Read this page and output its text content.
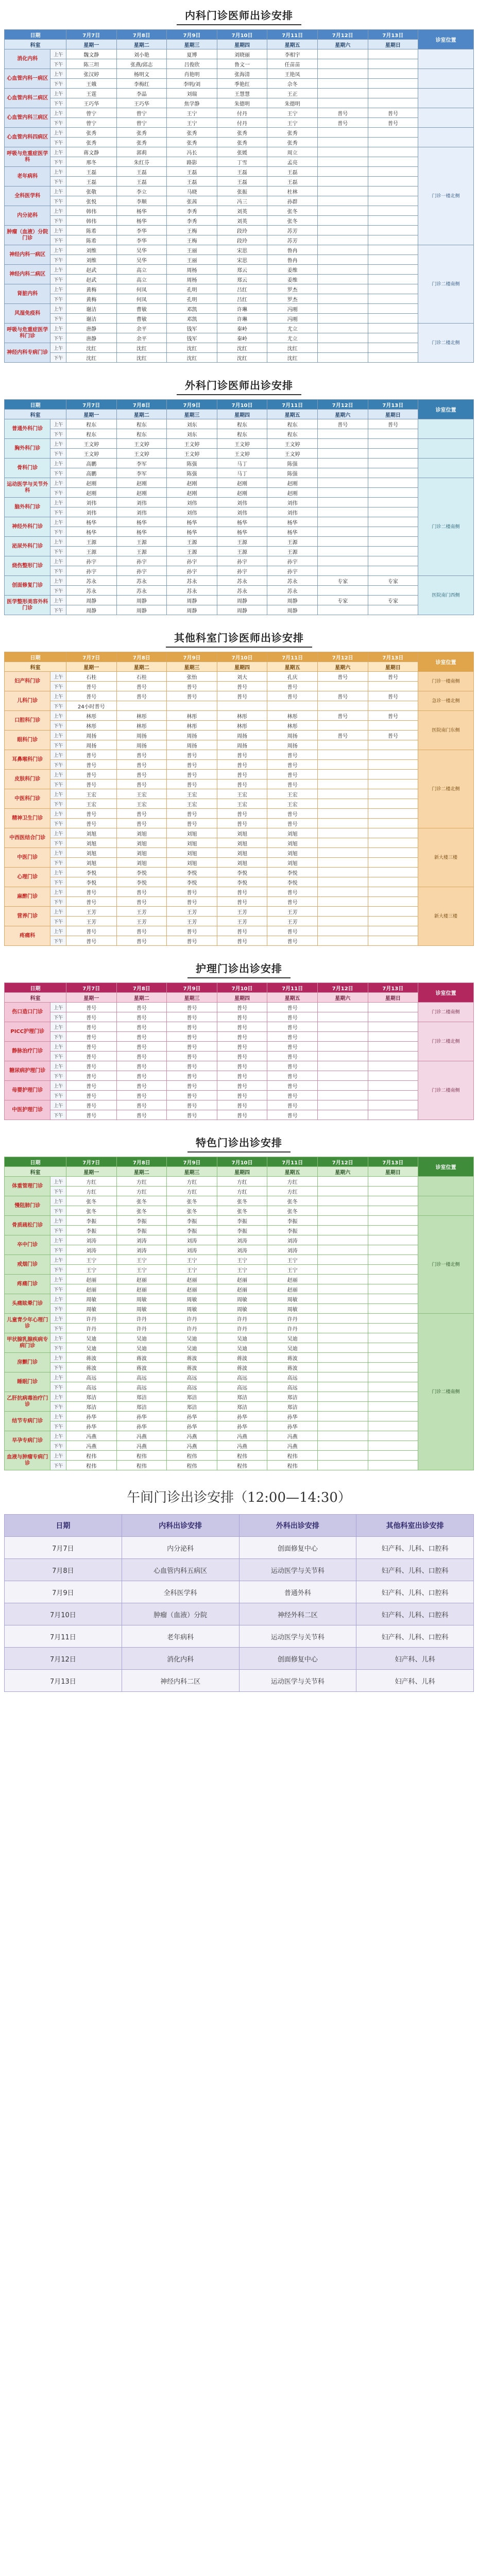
内科门诊医师出诊安排
日期		7月7日	7月8日	7月9日	7月10日	7月11日	7月12日	7月13日	诊室位置
科室		星期一	星期二	星期三	星期四	星期五	星期六	星期日	
消化内科	上午	魏文静	刘小艳	夏博	刘晓丽	李相宇			
	下午	陈三坦	张燕/邱志	吕俊欣	鲁文一	任苗苗			
心血管内科一病区	上午	张汉婷	杨明文	肖艳明	张海清	王艳凤			
	下午	王娥	李梅红	李明/刘	季艳红	佘冬			
心血管内科二病区	上午	王霆	李晶	刘瑞	王慧慧	王正			
	下午	王巧华	王巧华	焦学静	朱德明	朱德明			
心血管内科三病区	上午	曾宁	曾宁	王宁	付丹	王宁	普号	普号	
	下午	曾宁	曾宁	王宁	付丹	王宁	普号	普号	
心血管内科四病区	上午	张秀	张秀	张秀	张秀	张秀			
	下午	张秀	张秀	张秀	张秀	张秀			
呼吸与危重症医学科	上午	蒋文静	郭莉	冯长	张媛	周立			门诊一楼北侧
	下午	邢冬	朱红芬	路影	丁雪	孟亮			
老年病科	上午	王磊	王磊	王磊	王磊	王磊			
	下午	王磊	王磊	王磊	王磊	王磊			
全科医学科	上午	张敬	李立	马晓	张振	杜林			
	下午	张悦	李顺	张茜	冯三	孙群			
内分泌科	上午	韩伟	杨华	李秀	刘英	张冬			
	下午	韩伟	杨华	李秀	刘英	张冬			
肿瘤（血液）分院门诊	上午	陈希	李华	王梅	段玲	苏芳			
	下午	陈希	李华	王梅	段玲	苏芳			
神经内科一病区	上午	刘维	吴华	王丽	宋思	鲁冉			门诊二楼南侧
	下午	刘维	吴华	王丽	宋思	鲁冉			
神经内科二病区	上午	赵武	高立	周杨	郑云	姜维			
	下午	赵武	高立	周杨	郑云	姜维			
肾脏内科	上午	黄梅	何凤	孔明	吕红	罗杰			
	下午	黄梅	何凤	孔明	吕红	罗杰			
风湿免疫科	上午	谢洁	曹敏	邓凯	许琳	冯刚			
	下午	谢洁	曹敏	邓凯	许琳	冯刚			
呼吸与危重症医学科门诊	上午	唐静	余平	钱军	秦岭	尤立			门诊二楼北侧
	下午	唐静	余平	钱军	秦岭	尤立			
神经内科专病门诊	上午	沈红	沈红	沈红	沈红	沈红			
	下午	沈红	沈红	沈红	沈红	沈红			
外科门诊医师出诊安排
日期		7月7日	7月8日	7月9日	7月10日	7月11日	7月12日	7月13日	诊室位置
科室		星期一	星期二	星期三	星期四	星期五	星期六	星期日	
普通外科门诊	上午	程东	程东	刘东	程东	程东	普号	普号	
	下午	程东	程东	刘东	程东	程东			
胸外科门诊	上午	王文婷	王文婷	王文婷	王文婷	王文婷			
	下午	王文婷	王文婷	王文婷	王文婷	王文婷			
骨科门诊	上午	高鹏	李军	陈强	马丁	陈强			
	下午	高鹏	李军	陈强	马丁	陈强			
运动医学与关节外科	上午	赵刚	赵刚	赵刚	赵刚	赵刚			门诊二楼南侧
	下午	赵刚	赵刚	赵刚	赵刚	赵刚			
脑外科门诊	上午	刘伟	刘伟	刘伟	刘伟	刘伟			
	下午	刘伟	刘伟	刘伟	刘伟	刘伟			
神经外科门诊	上午	杨华	杨华	杨华	杨华	杨华			
	下午	杨华	杨华	杨华	杨华	杨华			
泌尿外科门诊	上午	王源	王源	王源	王源	王源			
	下午	王源	王源	王源	王源	王源			
烧伤整形门诊	上午	孙宇	孙宇	孙宇	孙宇	孙宇			
	下午	孙宇	孙宇	孙宇	孙宇	孙宇			
创面修复门诊	上午	苏永	苏永	苏永	苏永	苏永	专家	专家	医院南门西侧
	下午	苏永	苏永	苏永	苏永	苏永			
医学整形美容外科门诊	上午	周静	周静	周静	周静	周静	专家	专家	
	下午	周静	周静	周静	周静	周静			
其他科室门诊医师出诊安排
日期		7月7日	7月8日	7月9日	7月10日	7月11日	7月12日	7月13日	诊室位置
科室		星期一	星期二	星期三	星期四	星期五	星期六	星期日	
妇产科门诊	上午	石桂	石桂	张怡	刘大	孔庆	普号	普号	门诊一楼南侧
	下午	普号	普号	普号	普号	普号			
儿科门诊	上午	普号	普号	普号	普号	普号	普号	普号	急诊一楼北侧
	下午	24小时普号							
口腔科门诊	上午	林彤	林彤	林彤	林彤	林彤	普号	普号	医院南门东侧
	下午	林彤	林彤	林彤	林彤	林彤			
眼科门诊	上午	周扬	周扬	周扬	周扬	周扬	普号	普号	
	下午	周扬	周扬	周扬	周扬	周扬			
耳鼻喉科门诊	上午	普号	普号	普号	普号	普号			门诊二楼北侧
	下午	普号	普号	普号	普号	普号			
皮肤科门诊	上午	普号	普号	普号	普号	普号			
	下午	普号	普号	普号	普号	普号			
中医科门诊	上午	王宏	王宏	王宏	王宏	王宏			
	下午	王宏	王宏	王宏	王宏	王宏			
精神卫生门诊	上午	普号	普号	普号	普号	普号			
	下午	普号	普号	普号	普号	普号			
中西医结合门诊	上午	刘旭	刘旭	刘旭	刘旭	刘旭			新大楼三楼
	下午	刘旭	刘旭	刘旭	刘旭	刘旭			
中医门诊	上午	刘旭	刘旭	刘旭	刘旭	刘旭			
	下午	刘旭	刘旭	刘旭	刘旭	刘旭			
心理门诊	上午	李悦	李悦	李悦	李悦	李悦			
	下午	李悦	李悦	李悦	李悦	李悦			
麻醉门诊	上午	普号	普号	普号	普号	普号			新大楼三楼
	下午	普号	普号	普号	普号	普号			
营养门诊	上午	王芳	王芳	王芳	王芳	王芳			
	下午	王芳	王芳	王芳	王芳	王芳			
疼痛科	上午	普号	普号	普号	普号	普号			
	下午	普号	普号	普号	普号	普号			
护理门诊出诊安排
日期		7月7日	7月8日	7月9日	7月10日	7月11日	7月12日	7月13日	诊室位置
科室		星期一	星期二	星期三	星期四	星期五	星期六	星期日	
伤口造口门诊	上午	普号	普号	普号	普号	普号			门诊二楼南侧
	下午	普号	普号	普号	普号	普号			
PICC护理门诊	上午	普号	普号	普号	普号	普号			门诊二楼北侧
	下午	普号	普号	普号	普号	普号			
静脉治疗门诊	上午	普号	普号	普号	普号	普号			
	下午	普号	普号	普号	普号	普号			
糖尿病护理门诊	上午	普号	普号	普号	普号	普号			门诊二楼南侧
	下午	普号	普号	普号	普号	普号			
母婴护理门诊	上午	普号	普号	普号	普号	普号			
	下午	普号	普号	普号	普号	普号			
中医护理门诊	上午	普号	普号	普号	普号	普号			
	下午	普号	普号	普号	普号	普号			
特色门诊出诊安排
日期		7月7日	7月8日	7月9日	7月10日	7月11日	7月12日	7月13日	诊室位置
科室		星期一	星期二	星期三	星期四	星期五	星期六	星期日	
体重管理门诊	上午	方红	方红	方红	方红	方红			
	下午	方红	方红	方红	方红	方红			
慢阻肺门诊	上午	张冬	张冬	张冬	张冬	张冬			
	下午	张冬	张冬	张冬	张冬	张冬			
骨质疏松门诊	上午	李振	李振	李振	李振	李振			门诊一楼北侧
	下午	李振	李振	李振	李振	李振			
卒中门诊	上午	刘涛	刘涛	刘涛	刘涛	刘涛			
	下午	刘涛	刘涛	刘涛	刘涛	刘涛			
戒烟门诊	上午	王宁	王宁	王宁	王宁	王宁			
	下午	王宁	王宁	王宁	王宁	王宁			
疼痛门诊	上午	赵丽	赵丽	赵丽	赵丽	赵丽			
	下午	赵丽	赵丽	赵丽	赵丽	赵丽			
头痛眩晕门诊	上午	周敏	周敏	周敏	周敏	周敏			
	下午	周敏	周敏	周敏	周敏	周敏			
儿童青少年心理门诊	上午	许丹	许丹	许丹	许丹	许丹			门诊二楼南侧
	下午	许丹	许丹	许丹	许丹	许丹			
甲状腺乳腺疾病专病门诊	上午	吴迪	吴迪	吴迪	吴迪	吴迪			
	下午	吴迪	吴迪	吴迪	吴迪	吴迪			
房颤门诊	上午	蒋波	蒋波	蒋波	蒋波	蒋波			
	下午	蒋波	蒋波	蒋波	蒋波	蒋波			
睡眠门诊	上午	高远	高远	高远	高远	高远			
	下午	高远	高远	高远	高远	高远			
乙肝抗病毒治疗门诊	上午	郑洁	郑洁	郑洁	郑洁	郑洁			
	下午	郑洁	郑洁	郑洁	郑洁	郑洁			
结节专病门诊	上午	孙华	孙华	孙华	孙华	孙华			
	下午	孙华	孙华	孙华	孙华	孙华			
早孕专病门诊	上午	冯燕	冯燕	冯燕	冯燕	冯燕			
	下午	冯燕	冯燕	冯燕	冯燕	冯燕			
血液与肿瘤专病门诊	上午	程伟	程伟	程伟	程伟	程伟			
	下午	程伟	程伟	程伟	程伟	程伟			
午间门诊出诊安排（12:00—14:30）
日期	内科出诊安排	外科出诊安排	其他科室出诊安排
7月7日	内分泌科	创面修复中心	妇产科、儿科、口腔科
7月8日	心血管内科五病区	运动医学与关节科	妇产科、儿科、口腔科
7月9日	全科医学科	普通外科	妇产科、儿科、口腔科
7月10日	肿瘤（血液）分院	神经外科二区	妇产科、儿科、口腔科
7月11日	老年病科	运动医学与关节科	妇产科、儿科、口腔科
7月12日	消化内科	创面修复中心	妇产科、儿科
7月13日	神经内科二区	运动医学与关节科	妇产科、儿科
